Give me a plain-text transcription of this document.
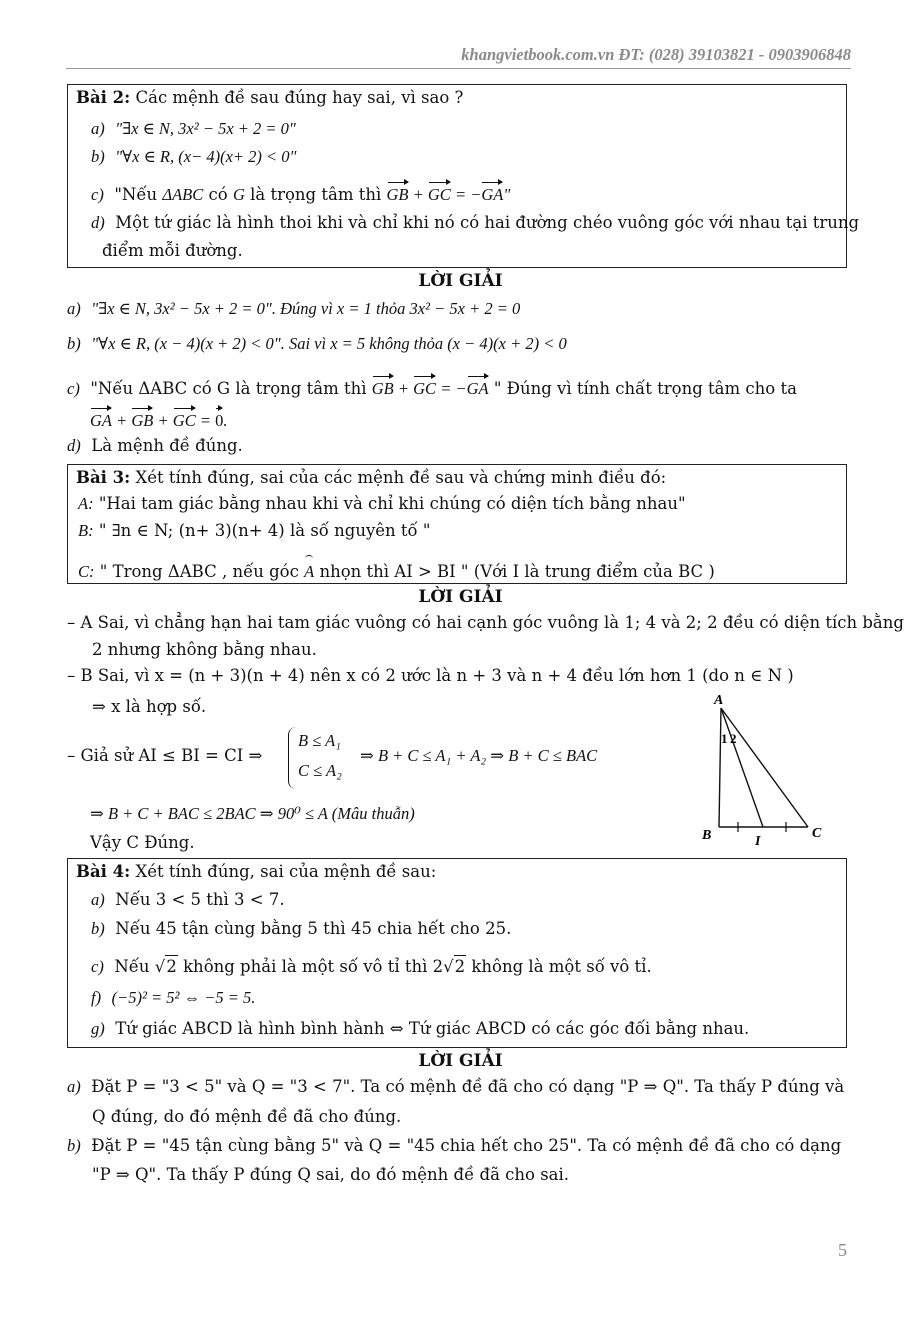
khangvietbook.com.vn ĐT: (028) 39103821 - 0903906848
Bài 2: Các mệnh đề sau đúng hay sai, vì sao ?
a) "∃x ∈ N, 3x² − 5x + 2 = 0"
b) "∀x ∈ R, (x− 4)(x+ 2) < 0"
c) "Nếu ΔABC có G là trọng tâm thì GB + GC = −GA"
d) Một tứ giác là hình thoi khi và chỉ khi nó có hai đường chéo vuông góc với nhau tại trung
điểm mỗi đường.
LỜI GIẢI
a) "∃x ∈ N, 3x² − 5x + 2 = 0". Đúng vì x = 1 thỏa 3x² − 5x + 2 = 0
b) "∀x ∈ R, (x − 4)(x + 2) < 0". Sai vì x = 5 không thỏa (x − 4)(x + 2) < 0
c) "Nếu ΔABC có G là trọng tâm thì GB + GC = −GA " Đúng vì tính chất trọng tâm cho ta
GA + GB + GC = 0.
d) Là mệnh đề đúng.
Bài 3: Xét tính đúng, sai của các mệnh đề sau và chứng minh điều đó:
A: "Hai tam giác bằng nhau khi và chỉ khi chúng có diện tích bằng nhau"
B: " ∃n ∈ N; (n+ 3)(n+ 4) là số nguyên tố "
C: " Trong ΔABC , nếu góc A nhọn thì AI > BI " (Với I là trung điểm của BC )
LỜI GIẢI
– A Sai, vì chẳng hạn hai tam giác vuông có hai cạnh góc vuông là 1; 4 và 2; 2 đều có diện tích bằng
2 nhưng không bằng nhau.
– B Sai, vì x = (n + 3)(n + 4) nên x có 2 ước là n + 3 và n + 4 đều lớn hơn 1 (do n ∈ N )
⇒ x là hợp số.
– Giả sử AI ≤ BI = CI ⇒
B ≤ A₁
C ≤ A₂
⇒ B + C ≤ A₁ + A₂ ⇒ B + C ≤ BAC
⇒ B + C + BAC ≤ 2BAC ⇒ 90⁰ ≤ A (Mâu thuẫn)
Vậy C Đúng.
A
1 2
B	I
C
Bài 4: Xét tính đúng, sai của mệnh đề sau:
a) Nếu 3 < 5 thì 3 < 7.
b) Nếu 45 tận cùng bằng 5 thì 45 chia hết cho 25.
c) Nếu √2 không phải là một số vô tỉ thì 2√2 không là một số vô tỉ.
f) (−5)² = 5² ⇔ −5 = 5.
g) Tứ giác ABCD là hình bình hành ⇔ Tứ giác ABCD có các góc đối bằng nhau.
LỜI GIẢI
a) Đặt P = "3 < 5" và Q = "3 < 7". Ta có mệnh đề đã cho có dạng "P ⇒ Q". Ta thấy P đúng và
Q đúng, do đó mệnh đề đã cho đúng.
b) Đặt P = "45 tận cùng bằng 5" và Q = "45 chia hết cho 25". Ta có mệnh đề đã cho có dạng
"P ⇒ Q". Ta thấy P đúng Q sai, do đó mệnh đề đã cho sai.
5
